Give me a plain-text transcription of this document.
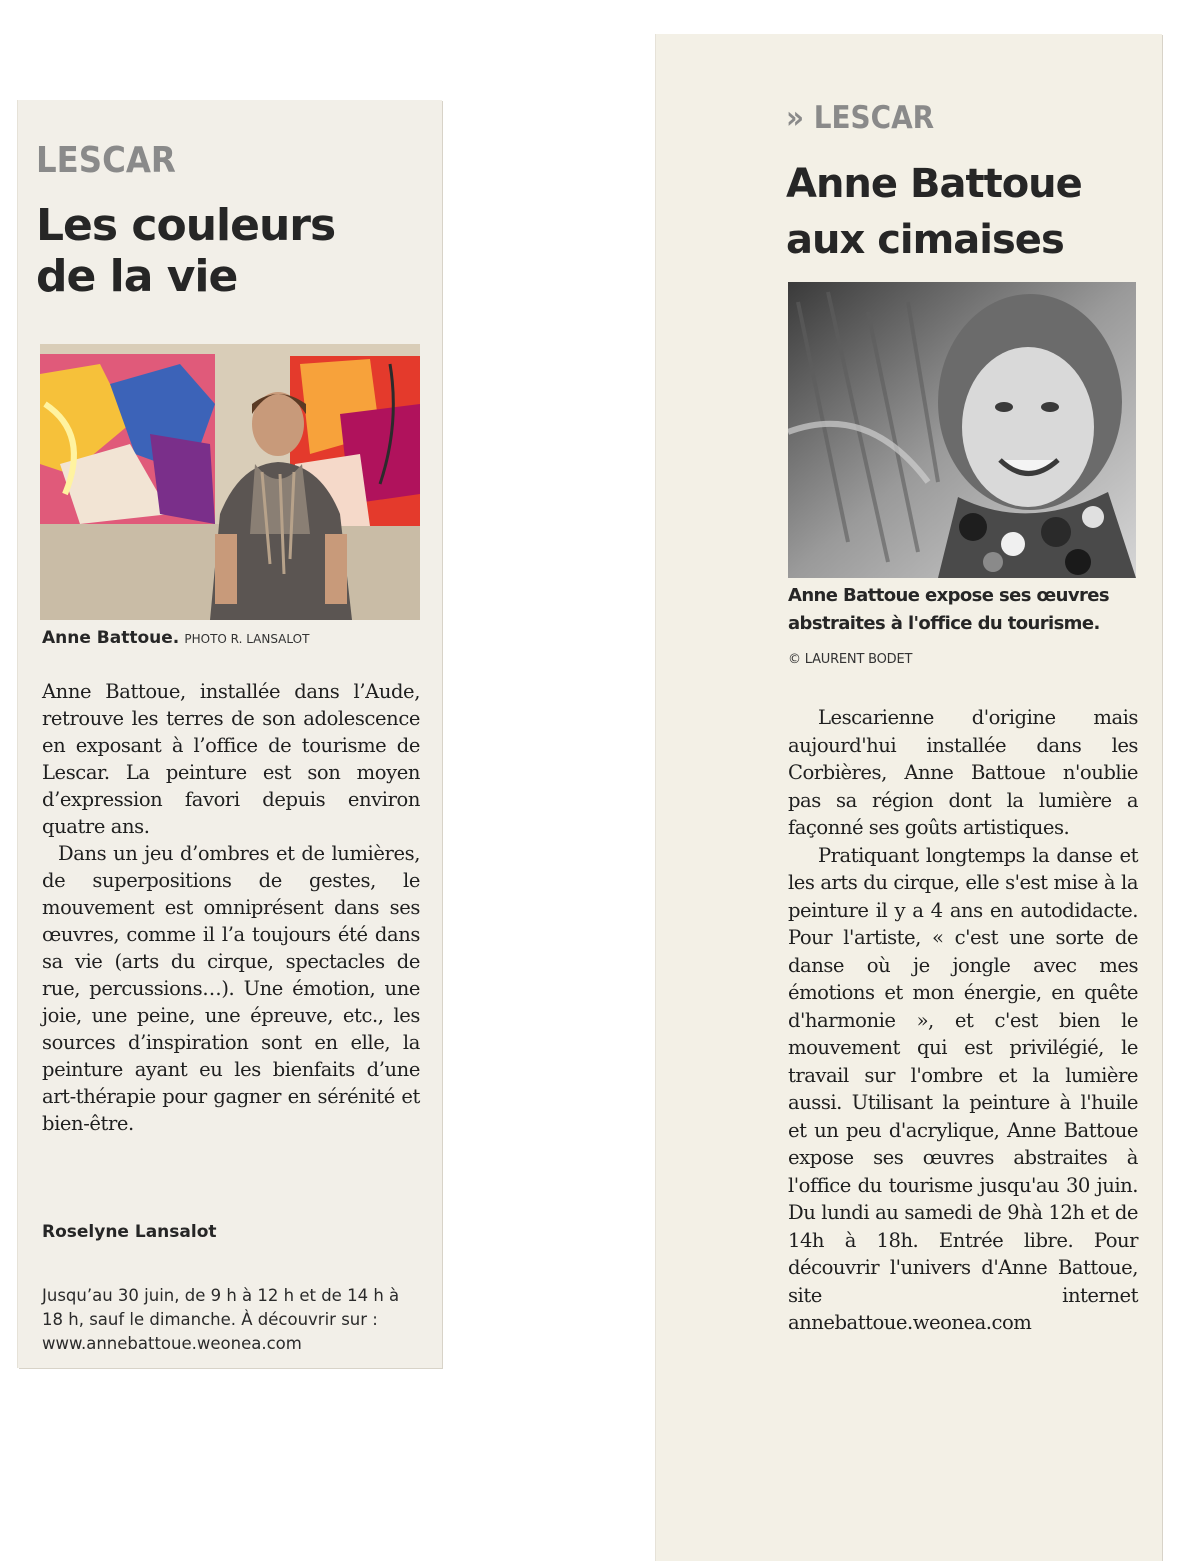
LESCAR
Les couleurs
de la vie
Anne Battoue. PHOTO R. LANSALOT

Anne Battoue, installée dans l’Aude, retrouve les terres de son adolescence en exposant à l’office de tourisme de Lescar. La peinture est son moyen d’expression favori depuis environ quatre ans.

Dans un jeu d’ombres et de lumières, de superpositions de gestes, le mouvement est omniprésent dans ses œuvres, comme il l’a toujours été dans sa vie (arts du cirque, spectacles de rue, percussions…). Une émotion, une joie, une peine, une épreuve, etc., les sources d’inspiration sont en elle, la peinture ayant eu les bienfaits d’une art-thérapie pour gagner en sérénité et bien-être.

Roselyne Lansalot
Jusqu’au 30 juin, de 9 h à 12 h et de 14 h à 18 h, sauf le dimanche. À découvrir sur : www.annebattoue.weonea.com
» LESCAR
Anne Battoue
aux cimaises
Anne Battoue expose ses œuvres abstraites à l'office du tourisme.
© LAURENT BODET

Lescarienne d'origine mais aujourd'hui installée dans les Corbières, Anne Battoue n'oublie pas sa région dont la lumière a façonné ses goûts artistiques.

Pratiquant longtemps la danse et les arts du cirque, elle s'est mise à la peinture il y a 4 ans en autodidacte. Pour l'artiste, « c'est une sorte de danse où je jongle avec mes émotions et mon énergie, en quête d'harmonie », et c'est bien le mouvement qui est privilégié, le travail sur l'ombre et la lumière aussi. Utilisant la peinture à l'huile et un peu d'acrylique, Anne Battoue expose ses œuvres abstraites à l'office du tourisme jusqu'au 30 juin. Du lundi au samedi de 9hà 12h et de 14h à 18h. Entrée libre. Pour découvrir l'univers d'Anne Battoue, site internet annebattoue.weonea.com
